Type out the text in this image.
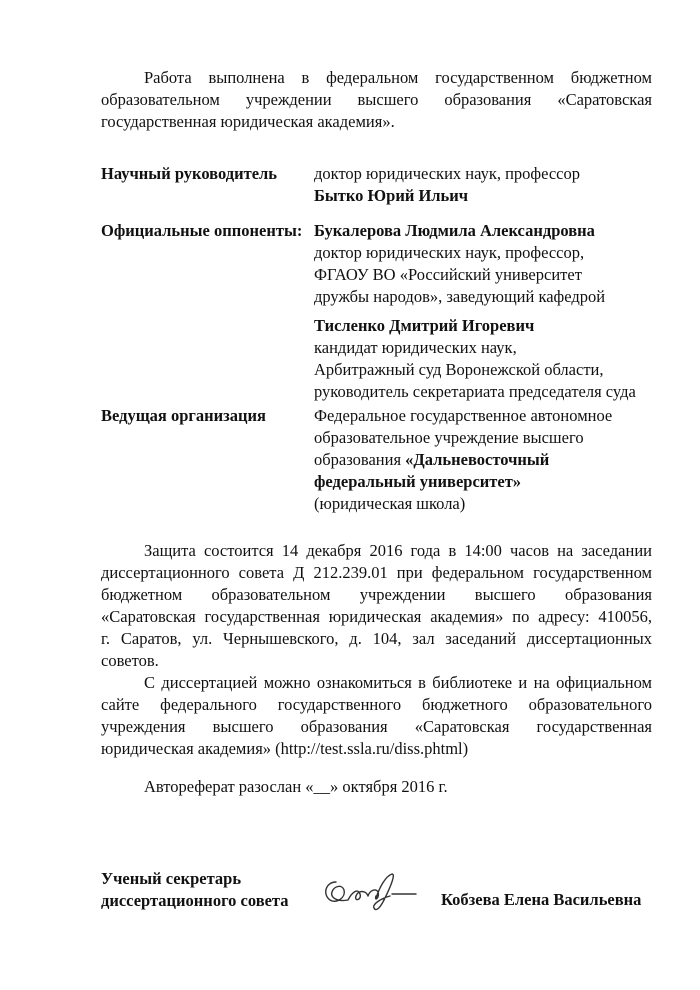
Работа выполнена в федеральном государственном бюджетном
образовательном учреждении высшего образования «Саратовская
государственная юридическая академия».
Научный руководитель доктор юридических наук, профессор
Бытко Юрий Ильич
Официальные оппоненты: Букалерова Людмила Александровна
доктор юридических наук, профессор,
ФГАОУ ВО «Российский университет
дружбы народов», заведующий кафедрой
Тисленко Дмитрий Игоревич
кандидат юридических наук,
Арбитражный суд Воронежской области,
руководитель секретариата председателя суда
Ведущая организация	Федеральное государственное автономное
образовательное учреждение высшего
образования «Дальневосточный
федеральный университет»
(юридическая школа)
Защита состоится 14 декабря 2016 года в 14:00 часов на заседании
диссертационного совета Д 212.239.01 при федеральном государственном
бюджетном образовательном учреждении высшего образования
«Саратовская государственная юридическая академия» по адресу: 410056,
г. Саратов, ул. Чернышевского, д. 104, зал заседаний диссертационных
советов.
С диссертацией можно ознакомиться в библиотеке и на официальном
сайте федерального государственного бюджетного образовательного
учреждения высшего образования «Саратовская государственная
юридическая академия» (http://test.ssla.ru/diss.phtml)
Автореферат разослан «__» октября 2016 г.
Ученый секретарь
диссертационного совета	Кобзева Елена Васильевна
